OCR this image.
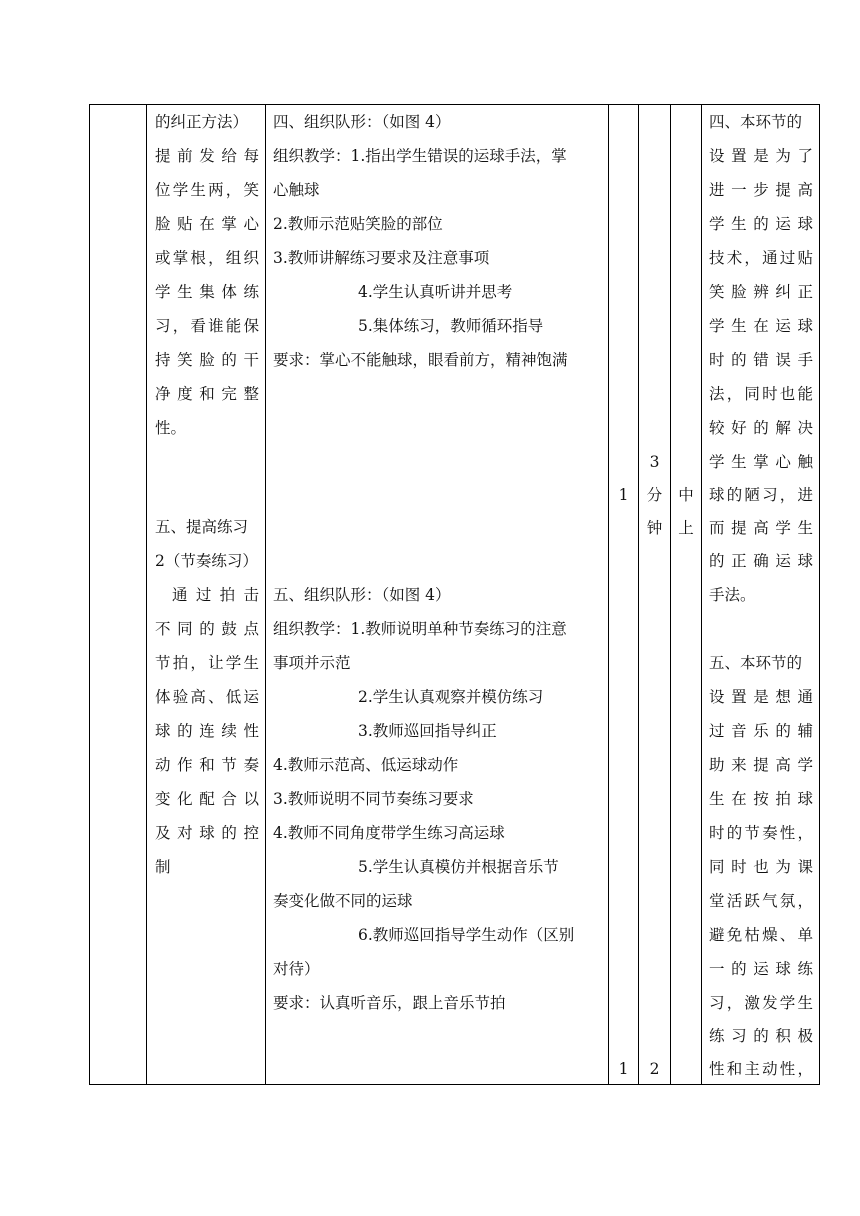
的纠正方法）
提前发给每
位学生两，笑
脸贴在掌心
或掌根，组织
学生集体练
习，看谁能保
持笑脸的干
净度和完整
性。
五、提高练习
2（节奏练习）
通过拍击
不同的鼓点
节拍，让学生
体验高、低运
球的连续性
动作和节奏
变化配合以
及对球的控
制
四、组织队形：（如图 4）
组织教学：1.指出学生错误的运球手法，掌
心触球
2.教师示范贴笑脸的部位
3.教师讲解练习要求及注意事项
4.学生认真听讲并思考
5.集体练习，教师循环指导
要求：掌心不能触球，眼看前方，精神饱满
五、组织队形：（如图 4）
组织教学：1.教师说明单种节奏练习的注意
事项并示范
2.学生认真观察并模仿练习
3.教师巡回指导纠正
4.教师示范高、低运球动作
3.教师说明不同节奏练习要求
4.教师不同角度带学生练习高运球
5.学生认真模仿并根据音乐节
奏变化做不同的运球
6.教师巡回指导学生动作（区别
对待）
要求：认真听音乐，跟上音乐节拍
1
1
3
分
钟
2
中
上
四、本环节的
设置是为了
进一步提高
学生的运球
技术，通过贴
笑脸辨纠正
学生在运球
时的错误手
法，同时也能
较好的解决
学生掌心触
球的陋习，进
而提高学生
的正确运球
手法。
五、本环节的
设置是想通
过音乐的辅
助来提高学
生在按拍球
时的节奏性，
同时也为课
堂活跃气氛，
避免枯燥、单
一的运球练
习，激发学生
练习的积极
性和主动性，
